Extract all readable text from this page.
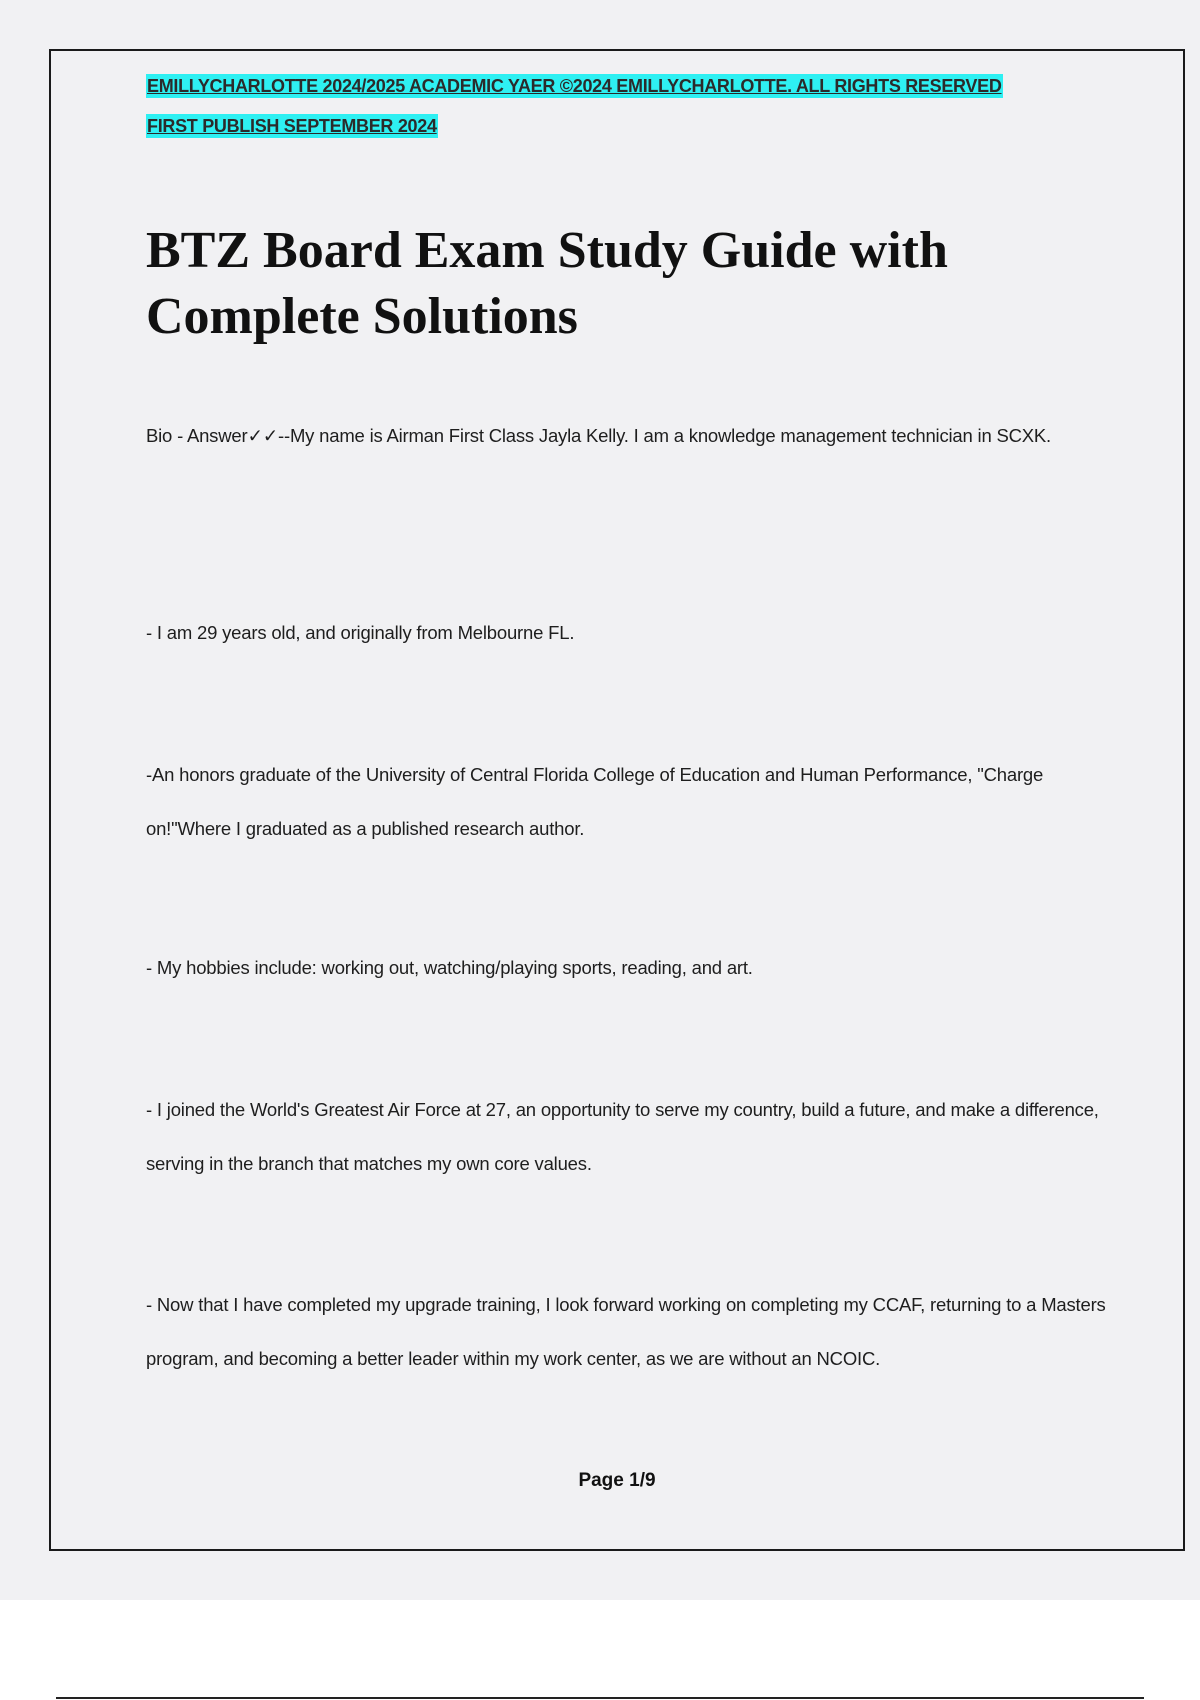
EMILLYCHARLOTTE 2024/2025 ACADEMIC YAER ©2024 EMILLYCHARLOTTE. ALL RIGHTS RESERVED
FIRST PUBLISH SEPTEMBER 2024
BTZ Board Exam Study Guide with Complete Solutions

Bio - Answer✓✓--My name is Airman First Class Jayla Kelly. I am a knowledge management technician in SCXK.

- I am 29 years old, and originally from Melbourne FL.

-An honors graduate of the University of Central Florida College of Education and Human Performance, "Charge on!"Where I graduated as a published research author.

- My hobbies include: working out, watching/playing sports, reading, and art.

- I joined the World's Greatest Air Force at 27, an opportunity to serve my country, build a future, and make a difference, serving in the branch that matches my own core values.

- Now that I have completed my upgrade training, I look forward working on completing my CCAF, returning to a Masters program, and becoming a better leader within my work center, as we are without an NCOIC.

Page 1/9
